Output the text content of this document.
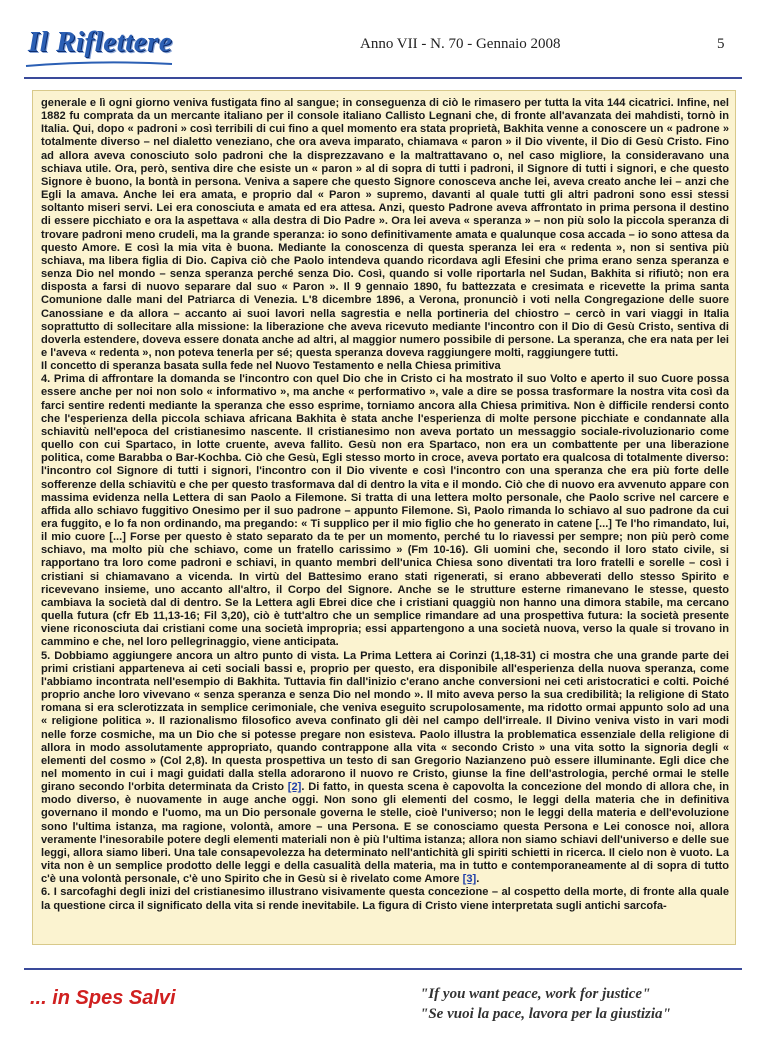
Il Riflettere	Anno VII - N. 70 - Gennaio 2008	5

generale e lì ogni giorno veniva fustigata fino al sangue; in conseguenza di ciò le rimasero per tutta la vita 144 cicatrici. Infine, nel 1882 fu comprata da un mercante italiano per il console italiano Callisto Legnani che, di fronte all'avanzata dei mahdisti, tornò in Italia. Qui, dopo « padroni » così terribili di cui fino a quel momento era stata proprietà, Bakhita venne a conoscere un « padrone » totalmente diverso – nel dialetto veneziano, che ora aveva imparato, chiamava « paron » il Dio vivente, il Dio di Gesù Cristo. Fino ad allora aveva conosciuto solo padroni che la disprezzavano e la maltrattavano o, nel caso migliore, la consideravano una schiava utile. Ora, però, sentiva dire che esiste un « paron » al di sopra di tutti i padroni, il Signore di tutti i signori, e che questo Signore è buono, la bontà in persona. Veniva a sapere che questo Signore conosceva anche lei, aveva creato anche lei – anzi che Egli la amava. Anche lei era amata, e proprio dal « Paron » supremo, davanti al quale tutti gli altri padroni sono essi stessi soltanto miseri servi. Lei era conosciuta e amata ed era attesa. Anzi, questo Padrone aveva affrontato in prima persona il destino di essere picchiato e ora la aspettava « alla destra di Dio Padre ». Ora lei aveva « speranza » – non più solo la piccola speranza di trovare padroni meno crudeli, ma la grande speranza: io sono definitivamente amata e qualunque cosa accada – io sono attesa da questo Amore. E così la mia vita è buona. Mediante la conoscenza di questa speranza lei era « redenta », non si sentiva più schiava, ma libera figlia di Dio. Capiva ciò che Paolo intendeva quando ricordava agli Efesini che prima erano senza speranza e senza Dio nel mondo – senza speranza perché senza Dio. Così, quando si volle riportarla nel Sudan, Bakhita si rifiutò; non era disposta a farsi di nuovo separare dal suo « Paron ». Il 9 gennaio 1890, fu battezzata e cresimata e ricevette la prima santa Comunione dalle mani del Patriarca di Venezia. L'8 dicembre 1896, a Verona, pronunciò i voti nella Congregazione delle suore Canossiane e da allora – accanto ai suoi lavori nella sagrestia e nella portineria del chiostro – cercò in vari viaggi in Italia soprattutto di sollecitare alla missione: la liberazione che aveva ricevuto mediante l'incontro con il Dio di Gesù Cristo, sentiva di doverla estendere, doveva essere donata anche ad altri, al maggior numero possibile di persone. La speranza, che era nata per lei e l'aveva « redenta », non poteva tenerla per sé; questa speranza doveva raggiungere molti, raggiungere tutti.

Il concetto di speranza basata sulla fede nel Nuovo Testamento e nella Chiesa primitiva

4. Prima di affrontare la domanda se l'incontro con quel Dio che in Cristo ci ha mostrato il suo Volto e aperto il suo Cuore possa essere anche per noi non solo « informativo », ma anche « performativo », vale a dire se possa trasformare la nostra vita così da farci sentire redenti mediante la speranza che esso esprime, torniamo ancora alla Chiesa primitiva. Non è difficile rendersi conto che l'esperienza della piccola schiava africana Bakhita è stata anche l'esperienza di molte persone picchiate e condannate alla schiavitù nell'epoca del cristianesimo nascente. Il cristianesimo non aveva portato un messaggio sociale-rivoluzionario come quello con cui Spartaco, in lotte cruente, aveva fallito. Gesù non era Spartaco, non era un combattente per una liberazione politica, come Barabba o Bar-Kochba. Ciò che Gesù, Egli stesso morto in croce, aveva portato era qualcosa di totalmente diverso: l'incontro col Signore di tutti i signori, l'incontro con il Dio vivente e così l'incontro con una speranza che era più forte delle sofferenze della schiavitù e che per questo trasformava dal di dentro la vita e il mondo. Ciò che di nuovo era avvenuto appare con massima evidenza nella Lettera di san Paolo a Filemone. Si tratta di una lettera molto personale, che Paolo scrive nel carcere e affida allo schiavo fuggitivo Onesimo per il suo padrone – appunto Filemone. Sì, Paolo rimanda lo schiavo al suo padrone da cui era fuggito, e lo fa non ordinando, ma pregando: « Ti supplico per il mio figlio che ho generato in catene [...] Te l'ho rimandato, lui, il mio cuore [...] Forse per questo è stato separato da te per un momento, perché tu lo riavessi per sempre; non più però come schiavo, ma molto più che schiavo, come un fratello carissimo » (Fm 10-16). Gli uomini che, secondo il loro stato civile, si rapportano tra loro come padroni e schiavi, in quanto membri dell'unica Chiesa sono diventati tra loro fratelli e sorelle – così i cristiani si chiamavano a vicenda. In virtù del Battesimo erano stati rigenerati, si erano abbeverati dello stesso Spirito e ricevevano insieme, uno accanto all'altro, il Corpo del Signore. Anche se le strutture esterne rimanevano le stesse, questo cambiava la società dal di dentro. Se la Lettera agli Ebrei dice che i cristiani quaggiù non hanno una dimora stabile, ma cercano quella futura (cfr Eb 11,13-16; Fil 3,20), ciò è tutt'altro che un semplice rimandare ad una prospettiva futura: la società presente viene riconosciuta dai cristiani come una società impropria; essi appartengono a una società nuova, verso la quale si trovano in cammino e che, nel loro pellegrinaggio, viene anticipata.

5. Dobbiamo aggiungere ancora un altro punto di vista. La Prima Lettera ai Corinzi (1,18-31) ci mostra che una grande parte dei primi cristiani apparteneva ai ceti sociali bassi e, proprio per questo, era disponibile all'esperienza della nuova speranza, come l'abbiamo incontrata nell'esempio di Bakhita. Tuttavia fin dall'inizio c'erano anche conversioni nei ceti aristocratici e colti. Poiché proprio anche loro vivevano « senza speranza e senza Dio nel mondo ». Il mito aveva perso la sua credibilità; la religione di Stato romana si era sclerotizzata in semplice cerimoniale, che veniva eseguito scrupolosamente, ma ridotto ormai appunto solo ad una « religione politica ». Il razionalismo filosofico aveva confinato gli dèi nel campo dell'irreale. Il Divino veniva visto in vari modi nelle forze cosmiche, ma un Dio che si potesse pregare non esisteva. Paolo illustra la problematica essenziale della religione di allora in modo assolutamente appropriato, quando contrappone alla vita « secondo Cristo » una vita sotto la signoria degli « elementi del cosmo » (Col 2,8). In questa prospettiva un testo di san Gregorio Nazianzeno può essere illuminante. Egli dice che nel momento in cui i magi guidati dalla stella adorarono il nuovo re Cristo, giunse la fine dell'astrologia, perché ormai le stelle girano secondo l'orbita determinata da Cristo [2]. Di fatto, in questa scena è capovolta la concezione del mondo di allora che, in modo diverso, è nuovamente in auge anche oggi. Non sono gli elementi del cosmo, le leggi della materia che in definitiva governano il mondo e l'uomo, ma un Dio personale governa le stelle, cioè l'universo; non le leggi della materia e dell'evoluzione sono l'ultima istanza, ma ragione, volontà, amore – una Persona. E se conosciamo questa Persona e Lei conosce noi, allora veramente l'inesorabile potere degli elementi materiali non è più l'ultima istanza; allora non siamo schiavi dell'universo e delle sue leggi, allora siamo liberi. Una tale consapevolezza ha determinato nell'antichità gli spiriti schietti in ricerca. Il cielo non è vuoto. La vita non è un semplice prodotto delle leggi e della casualità della materia, ma in tutto e contemporaneamente al di sopra di tutto c'è una volontà personale, c'è uno Spirito che in Gesù si è rivelato come Amore [3].

6. I sarcofaghi degli inizi del cristianesimo illustrano visivamente questa concezione – al cospetto della morte, di fronte alla quale la questione circa il significato della vita si rende inevitabile. La figura di Cristo viene interpretata sugli antichi sarcofa-

... in Spes Salvi	"If you want peace, work for justice"
"Se vuoi la pace, lavora per la giustizia"
